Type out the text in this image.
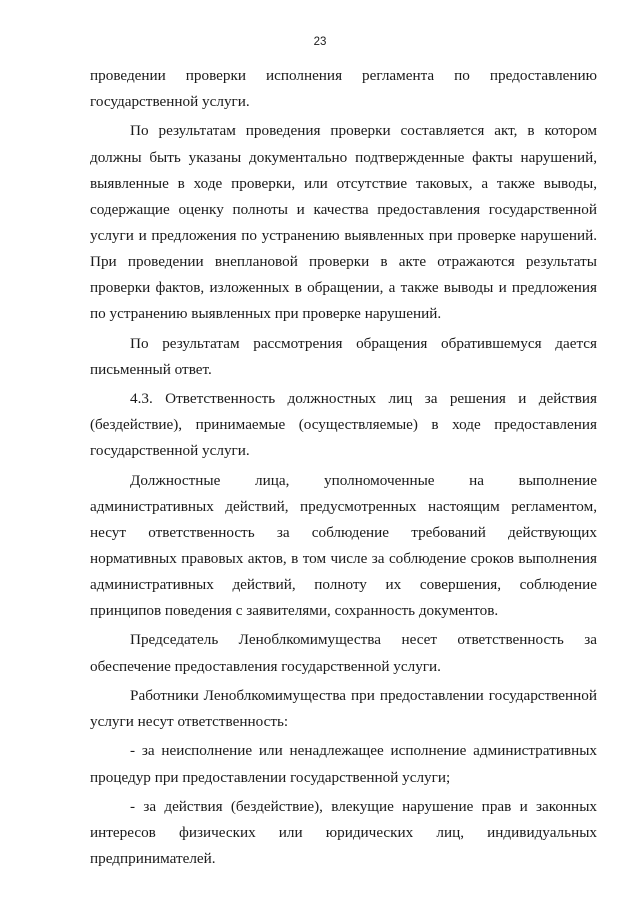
23
проведении проверки исполнения регламента по предоставлению
государственной услуги.
По результатам проведения проверки составляется акт, в котором
должны быть указаны документально подтвержденные факты нарушений,
выявленные в ходе проверки, или отсутствие таковых, а также выводы,
содержащие оценку полноты и качества предоставления государственной
услуги и предложения по устранению выявленных при проверке нарушений.
При проведении внеплановой проверки в акте отражаются результаты
проверки фактов, изложенных в обращении, а также выводы и предложения
по устранению выявленных при проверке нарушений.
По результатам рассмотрения обращения обратившемуся дается
письменный ответ.
4.3. Ответственность должностных лиц за решения и действия
(бездействие), принимаемые (осуществляемые) в ходе предоставления
государственной услуги.
Должностные лица, уполномоченные на выполнение
административных действий, предусмотренных настоящим регламентом,
несут ответственность за соблюдение требований действующих
нормативных правовых актов, в том числе за соблюдение сроков выполнения
административных действий, полноту их совершения, соблюдение
принципов поведения с заявителями, сохранность документов.
Председатель Леноблкомимущества несет ответственность за
обеспечение предоставления государственной услуги.
Работники Леноблкомимущества при предоставлении государственной
услуги несут ответственность:
- за неисполнение или ненадлежащее исполнение административных
процедур при предоставлении государственной услуги;
- за действия (бездействие), влекущие нарушение прав и законных
интересов физических или юридических лиц, индивидуальных
предпринимателей.
